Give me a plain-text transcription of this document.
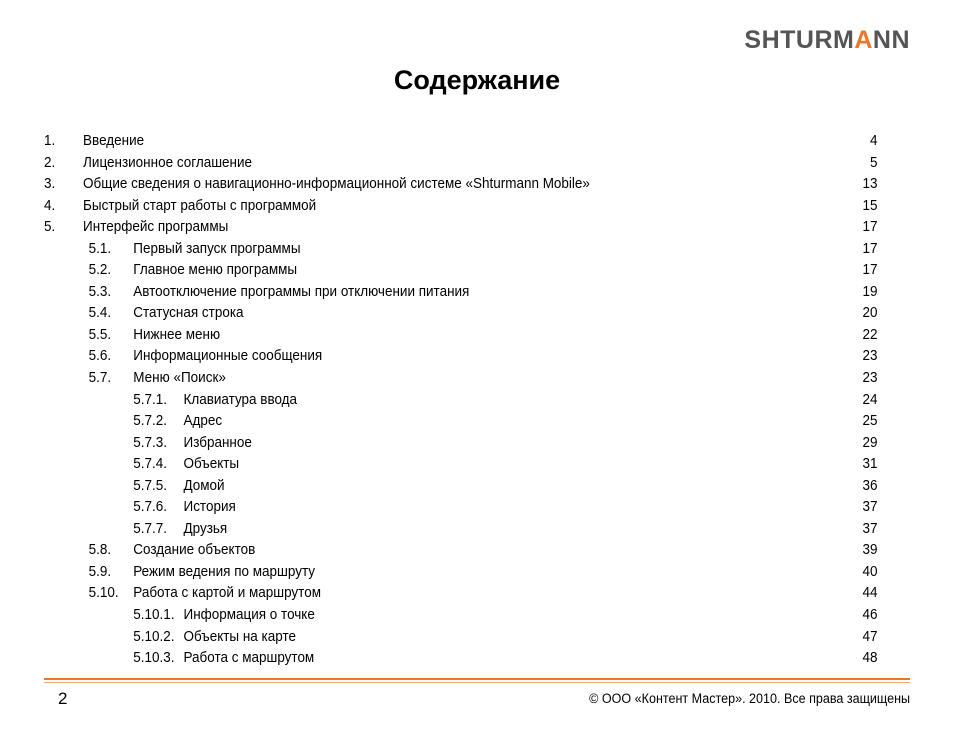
SHTURMANN
Содержание
1. Введение	4
2. Лицензионное соглашение	5
3. Общие сведения о навигационно-информационной системе «Shturmann Mobile»	13
4. Быстрый старт работы с программой	15
5. Интерфейс программы	17
5.1. Первый запуск программы	17
5.2. Главное меню программы	17
5.3. Автоотключение программы при отключении питания	19
5.4. Статусная строка	20
5.5. Нижнее меню	22
5.6. Информационные сообщения	23
5.7. Меню «Поиск»	23
5.7.1. Клавиатура ввода	24
5.7.2. Адрес	25
5.7.3. Избранное	29
5.7.4. Объекты	31
5.7.5. Домой	36
5.7.6. История	37
5.7.7. Друзья	37
5.8. Создание объектов	39
5.9. Режим ведения по маршруту	40
5.10. Работа с картой и маршрутом	44
5.10.1. Информация о точке	46
5.10.2. Объекты на карте	47
5.10.3. Работа с маршрутом	48
2	© ООО «Контент Мастер». 2010. Все права защищены
